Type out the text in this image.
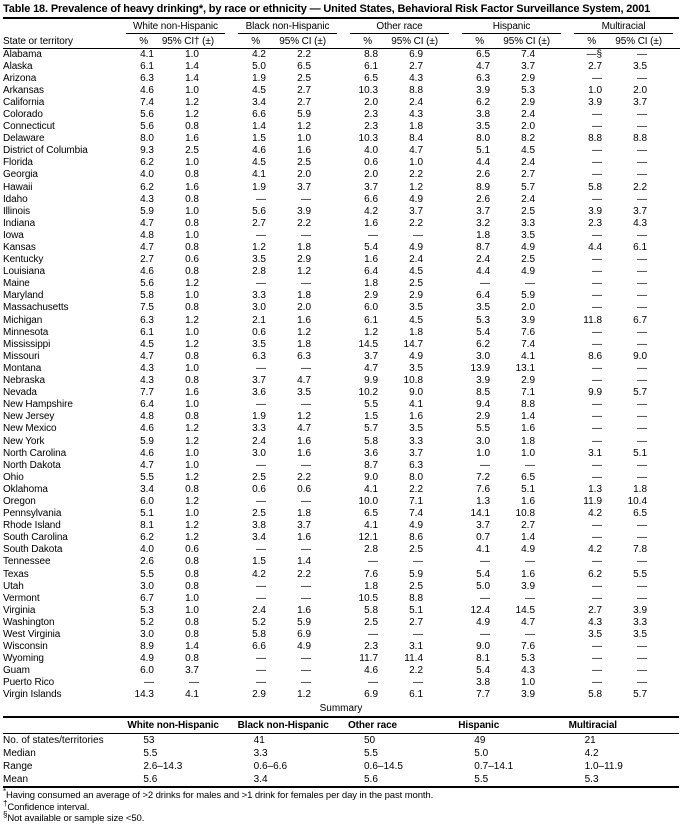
Table 18. Prevalence of heavy drinking*, by race or ethnicity — United States, Behavioral Risk Factor Surveillance System, 2001

	White non-Hispanic		Black non-Hispanic		Other race		Hispanic		Multiracial	

State or territory	%	95% CI† (±)	%	95% CI (±)	%	95% CI (±)	%	95% CI (±)	%	95% CI (±)
Alabama	4.1	1.0	4.2	2.2	8.8	6.9	6.5	7.4	—§	—
Alaska	6.1	1.4	5.0	6.5	6.1	2.7	4.7	3.7	2.7	3.5
Arizona	6.3	1.4	1.9	2.5	6.5	4.3	6.3	2.9	—	—
Arkansas	4.6	1.0	4.5	2.7	10.3	8.8	3.9	5.3	1.0	2.0
California	7.4	1.2	3.4	2.7	2.0	2.4	6.2	2.9	3.9	3.7
Colorado	5.6	1.2	6.6	5.9	2.3	4.3	3.8	2.4	—	—
Connecticut	5.6	0.8	1.4	1.2	2.3	1.8	3.5	2.0	—	—
Delaware	8.0	1.6	1.5	1.0	10.3	8.4	8.0	8.2	8.8	8.8
District of Columbia	9.3	2.5	4.6	1.6	4.0	4.7	5.1	4.5	—	—
Florida	6.2	1.0	4.5	2.5	0.6	1.0	4.4	2.4	—	—
Georgia	4.0	0.8	4.1	2.0	2.0	2.2	2.6	2.7	—	—
Hawaii	6.2	1.6	1.9	3.7	3.7	1.2	8.9	5.7	5.8	2.2
Idaho	4.3	0.8	—	—	6.6	4.9	2.6	2.4	—	—
Illinois	5.9	1.0	5.6	3.9	4.2	3.7	3.7	2.5	3.9	3.7
Indiana	4.7	0.8	2.7	2.2	1.6	2.2	3.2	3.3	2.3	4.3
Iowa	4.8	1.0	—	—	—	—	1.8	3.5	—	—
Kansas	4.7	0.8	1.2	1.8	5.4	4.9	8.7	4.9	4.4	6.1
Kentucky	2.7	0.6	3.5	2.9	1.6	2.4	2.4	2.5	—	—
Louisiana	4.6	0.8	2.8	1.2	6.4	4.5	4.4	4.9	—	—
Maine	5.6	1.2	—	—	1.8	2.5	—	—	—	—
Maryland	5.8	1.0	3.3	1.8	2.9	2.9	6.4	5.9	—	—
Massachusetts	7.5	0.8	3.0	2.0	6.0	3.5	3.5	2.0	—	—
Michigan	6.3	1.2	2.1	1.6	6.1	4.5	5.3	3.9	11.8	6.7
Minnesota	6.1	1.0	0.6	1.2	1.2	1.8	5.4	7.6	—	—
Mississippi	4.5	1.2	3.5	1.8	14.5	14.7	6.2	7.4	—	—
Missouri	4.7	0.8	6.3	6.3	3.7	4.9	3.0	4.1	8.6	9.0
Montana	4.3	1.0	—	—	4.7	3.5	13.9	13.1	—	—
Nebraska	4.3	0.8	3.7	4.7	9.9	10.8	3.9	2.9	—	—
Nevada	7.7	1.6	3.6	3.5	10.2	9.0	8.5	7.1	9.9	5.7
New Hampshire	6.4	1.0	—	—	5.5	4.1	9.4	8.8	—	—
New Jersey	4.8	0.8	1.9	1.2	1.5	1.6	2.9	1.4	—	—
New Mexico	4.6	1.2	3.3	4.7	5.7	3.5	5.5	1.6	—	—
New York	5.9	1.2	2.4	1.6	5.8	3.3	3.0	1.8	—	—
North Carolina	4.6	1.0	3.0	1.6	3.6	3.7	1.0	1.0	3.1	5.1
North Dakota	4.7	1.0	—	—	8.7	6.3	—	—	—	—
Ohio	5.5	1.2	2.5	2.2	9.0	8.0	7.2	6.5	—	—
Oklahoma	3.4	0.8	0.6	0.6	4.1	2.2	7.6	5.1	1.3	1.8
Oregon	6.0	1.2	—	—	10.0	7.1	1.3	1.6	11.9	10.4
Pennsylvania	5.1	1.0	2.5	1.8	6.5	7.4	14.1	10.8	4.2	6.5
Rhode Island	8.1	1.2	3.8	3.7	4.1	4.9	3.7	2.7	—	—
South Carolina	6.2	1.2	3.4	1.6	12.1	8.6	0.7	1.4	—	—
South Dakota	4.0	0.6	—	—	2.8	2.5	4.1	4.9	4.2	7.8
Tennessee	2.6	0.8	1.5	1.4	—	—	—	—	—	—
Texas	5.5	0.8	4.2	2.2	7.6	5.9	5.4	1.6	6.2	5.5
Utah	3.0	0.8	—	—	1.8	2.5	5.0	3.9	—	—
Vermont	6.7	1.0	—	—	10.5	8.8	—	—	—	—
Virginia	5.3	1.0	2.4	1.6	5.8	5.1	12.4	14.5	2.7	3.9
Washington	5.2	0.8	5.2	5.9	2.5	2.7	4.9	4.7	4.3	3.3
West Virginia	3.0	0.8	5.8	6.9	—	—	—	—	3.5	3.5
Wisconsin	8.9	1.4	6.6	4.9	2.3	3.1	9.0	7.6	—	—
Wyoming	4.9	0.8	—	—	11.7	11.4	8.1	5.3	—	—
Guam	6.0	3.7	—	—	4.6	2.2	5.4	4.3	—	—
Puerto Rico	—	—	—	—	—	—	3.8	1.0	—	—
Virgin Islands	14.3	4.1	2.9	1.2	6.9	6.1	7.7	3.9	5.8	5.7
Summary
	White non-Hispanic	Black non-Hispanic	Other race	Hispanic	Multiracial
No. of states/territories	53	41	50	49	21
Median	5.5	3.3	5.5	5.0	4.2
Range	2.6–14.3	0.6–6.6	0.6–14.5	0.7–14.1	1.0–11.9
Mean	5.6	3.4	5.6	5.5	5.3
*Having consumed an average of >2 drinks for males and >1 drink for females per day in the past month.
†Confidence interval.
§Not available or sample size <50.
